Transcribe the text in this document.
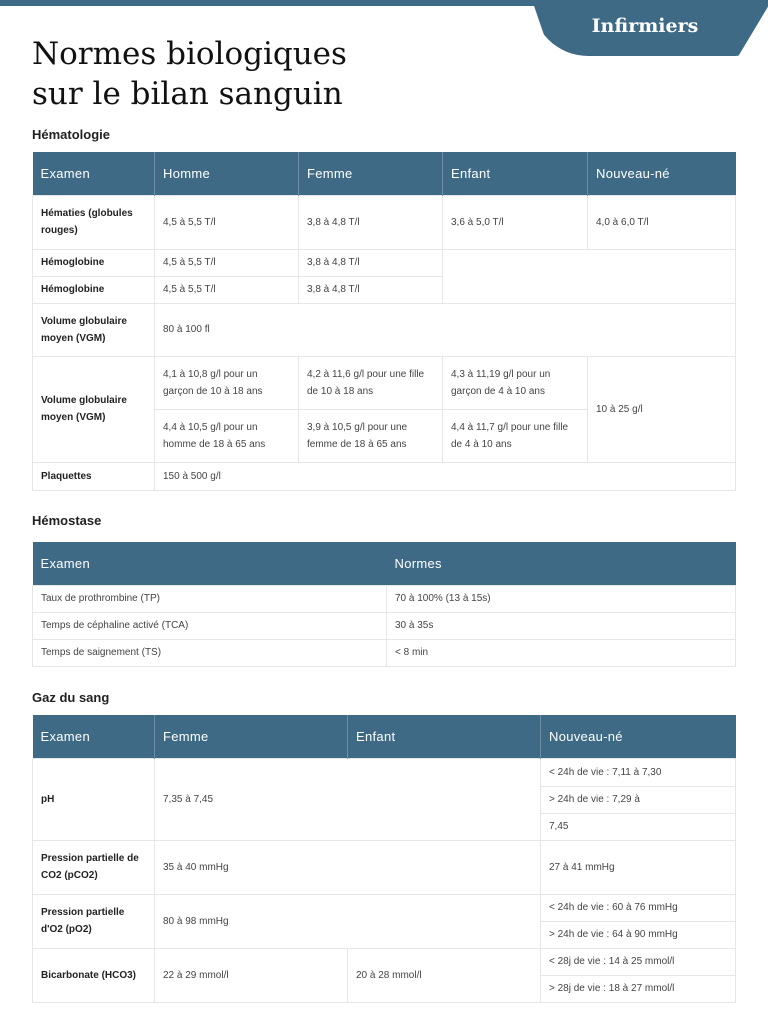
Infirmiers
Normes biologiques
sur le bilan sanguin
Hématologie
Examen	Homme	Femme	Enfant	Nouveau-né
Hématies (globules rouges)	4,5 à 5,5 T/l	3,8 à 4,8 T/l	3,6 à 5,0 T/l	4,0 à 6,0 T/l
Hémoglobine	4,5 à 5,5 T/l	3,8 à 4,8 T/l		
Hémoglobine	4,5 à 5,5 T/l	3,8 à 4,8 T/l		
Volume globulaire moyen (VGM)	80 à 100 fl			
Volume globulaire moyen (VGM)	4,1 à 10,8 g/l pour un garçon de 10 à 18 ans	4,2 à 11,6 g/l pour une fille de 10 à 18 ans	4,3 à 11,19 g/l pour un garçon de 4 à 10 ans	10 à 25 g/l
	4,4 à 10,5 g/l pour un homme de 18 à 65 ans	3,9 à 10,5 g/l pour une femme de 18 à 65 ans	4,4 à 11,7 g/l pour une fille de 4 à 10 ans	
Plaquettes	150 à 500 g/l			
Hémostase
Examen	Normes
Taux de prothrombine (TP)	70 à 100% (13 à 15s)
Temps de céphaline activé (TCA)	30 à 35s
Temps de saignement (TS)	< 8 min
Gaz du sang
Examen	Femme	Enfant	Nouveau-né
pH	7,35 à 7,45		< 24h de vie : 7,11 à 7,30
			> 24h de vie : 7,29 à
			7,45
Pression partielle de CO2 (pCO2)	35 à 40 mmHg		27 à 41 mmHg
Pression partielle d'O2 (pO2)	80 à 98 mmHg		< 24h de vie : 60 à 76 mmHg
			> 24h de vie : 64 à 90 mmHg
Bicarbonate (HCO3)	22 à 29 mmol/l	20 à 28 mmol/l	< 28j de vie : 14 à 25 mmol/l
			> 28j de vie : 18 à 27 mmol/l
